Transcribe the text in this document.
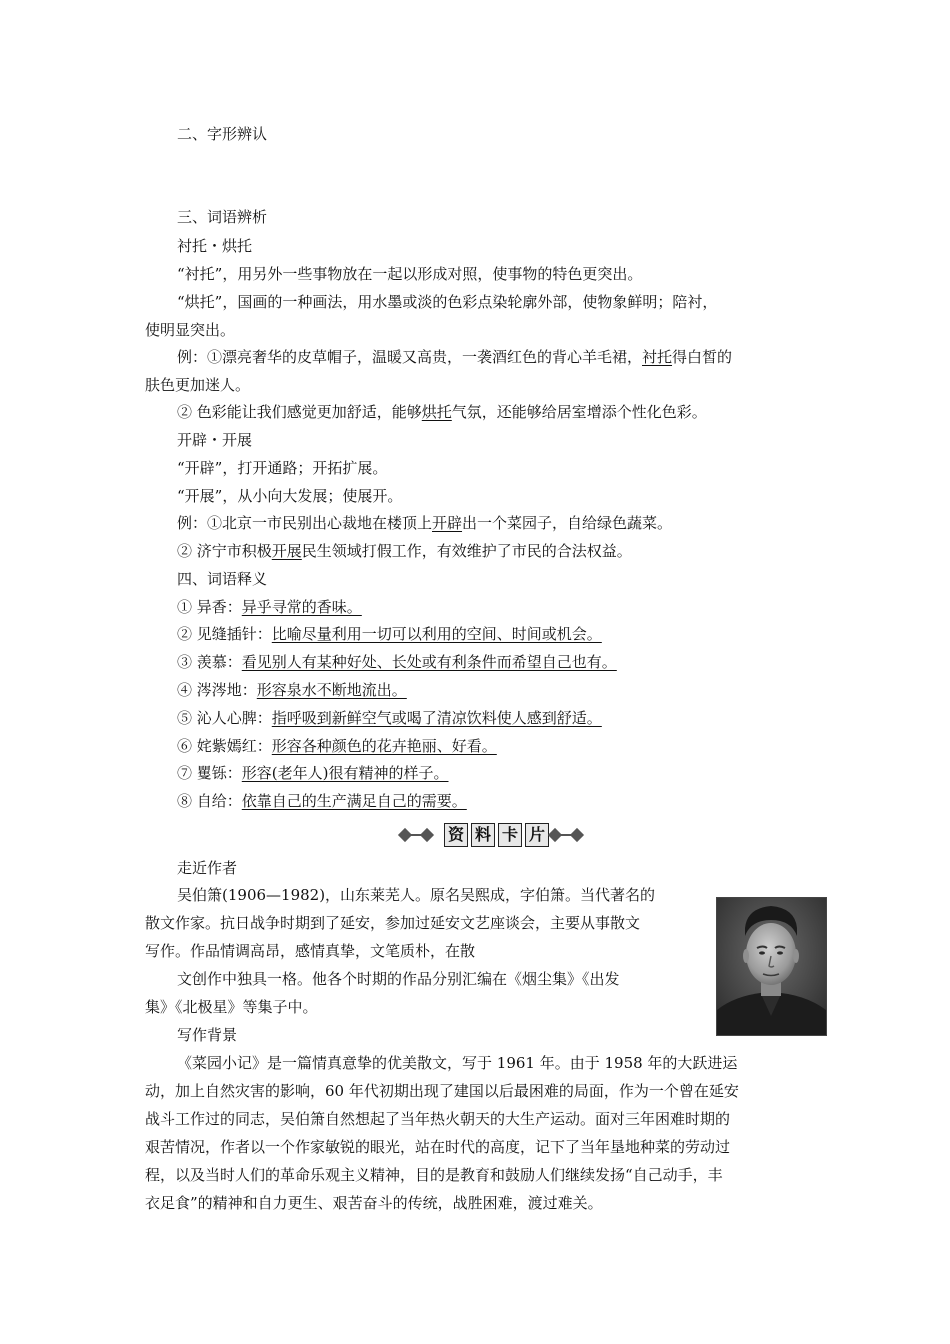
二、字形辨认
三、词语辨析
衬托・烘托
“衬托”，用另外一些事物放在一起以形成对照，使事物的特色更突出。
“烘托”，国画的一种画法，用水墨或淡的色彩点染轮廓外部，使物象鲜明；陪衬，
使明显突出。
例：①漂亮奢华的皮草帽子，温暖又高贵，一袭酒红色的背心羊毛裙，衬托得白皙的
肤色更加迷人。
② 色彩能让我们感觉更加舒适，能够烘托气氛，还能够给居室增添个性化色彩。
开辟・开展
“开辟”，打开通路；开拓扩展。
“开展”，从小向大发展；使展开。
例：①北京一市民别出心裁地在楼顶上开辟出一个菜园子，自给绿色蔬菜。
② 济宁市积极开展民生领域打假工作，有效维护了市民的合法权益。
四、词语释义
① 异香：异乎寻常的香味。
② 见缝插针：比喻尽量利用一切可以利用的空间、时间或机会。
③ 羡慕：看见别人有某种好处、长处或有利条件而希望自己也有。
④ 涔涔地：形容泉水不断地流出。
⑤ 沁人心脾：指呼吸到新鲜空气或喝了清凉饮料使人感到舒适。
⑥ 姹紫嫣红：形容各种颜色的花卉艳丽、好看。
⑦ 矍铄：形容(老年人)很有精神的样子。
⑧ 自给：依靠自己的生产满足自己的需要。
资 料 卡 片
走近作者
吴伯箫(1906—1982)，山东莱芜人。原名吴熙成，字伯箫。当代著名的
散文作家。抗日战争时期到了延安，参加过延安文艺座谈会，主要从事散文
写作。作品情调高昂，感情真挚，文笔质朴，在散
文创作中独具一格。他各个时期的作品分别汇编在《烟尘集》《出发
集》《北极星》等集子中。
写作背景
《菜园小记》是一篇情真意挚的优美散文，写于 1961 年。由于 1958 年的大跃进运
动，加上自然灾害的影响，60 年代初期出现了建国以后最困难的局面，作为一个曾在延安
战斗工作过的同志，吴伯箫自然想起了当年热火朝天的大生产运动。面对三年困难时期的
艰苦情况，作者以一个作家敏锐的眼光，站在时代的高度，记下了当年垦地种菜的劳动过
程，以及当时人们的革命乐观主义精神，目的是教育和鼓励人们继续发扬“自己动手，丰
衣足食”的精神和自力更生、艰苦奋斗的传统，战胜困难，渡过难关。
